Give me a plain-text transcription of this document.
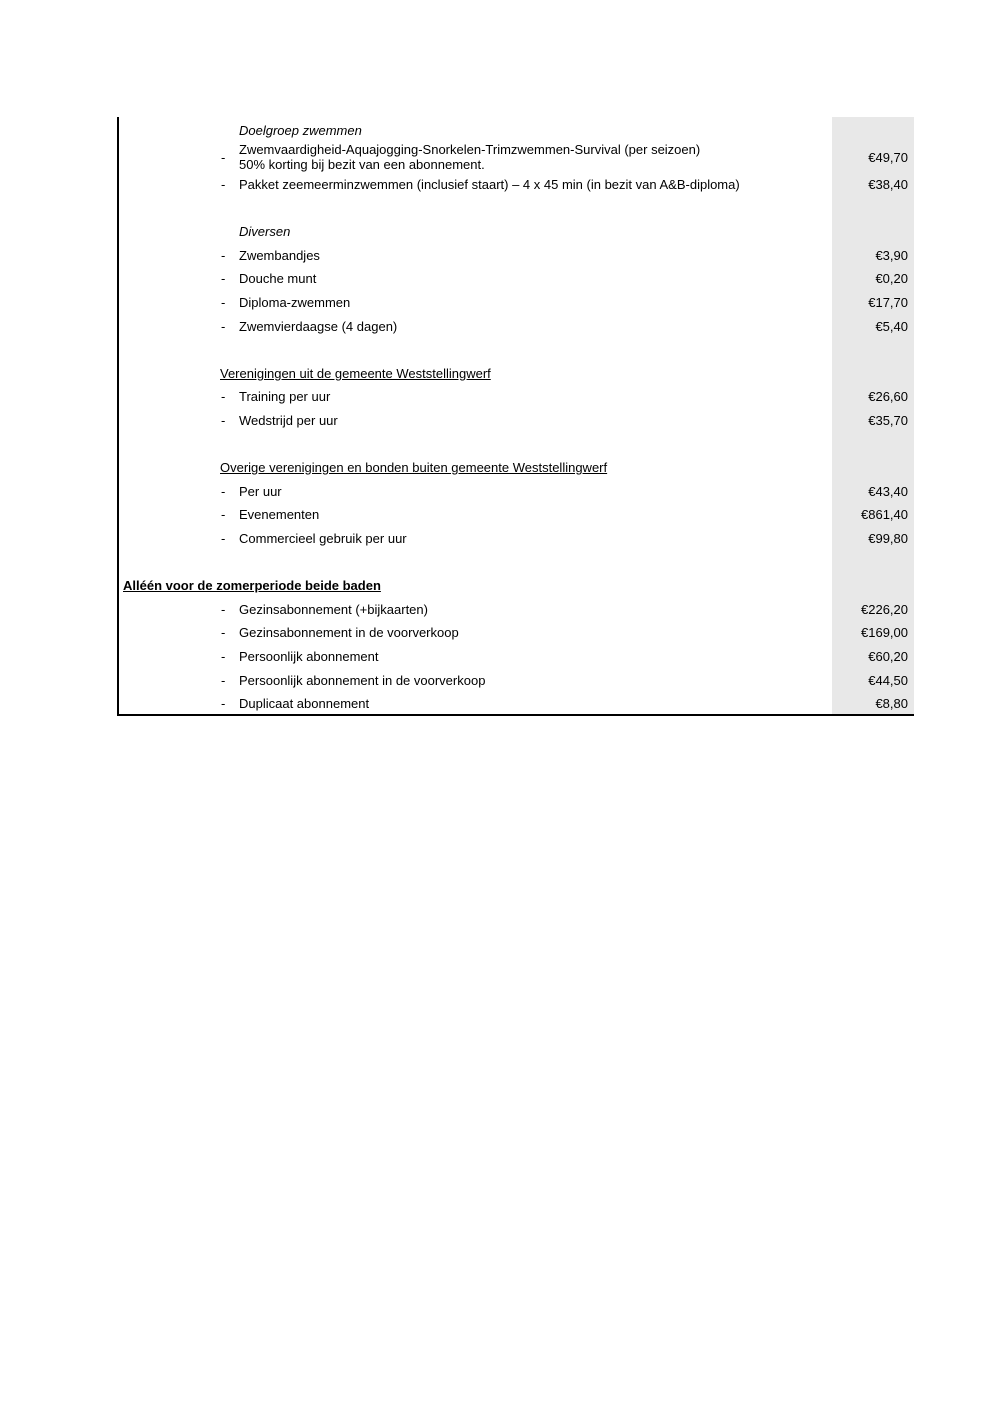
Doelgroep zwemmen
-
Zwemvaardigheid-Aquajogging-Snorkelen-Trimzwemmen-Survival (per seizoen)
50% korting bij bezit van een abonnement.	€49,70
- Pakket zeemeerminzwemmen (inclusief staart) – 4 x 45 min (in bezit van A&B-diploma)	€38,40
Diversen
- Zwembandjes	€3,90
- Douche munt	€0,20
- Diploma-zwemmen	€17,70
- Zwemvierdaagse (4 dagen)	€5,40
Verenigingen uit de gemeente Weststellingwerf
- Training per uur	€26,60
- Wedstrijd per uur	€35,70
Overige verenigingen en bonden buiten gemeente Weststellingwerf
- Per uur	€43,40
- Evenementen	€861,40
- Commercieel gebruik per uur	€99,80
Alléén voor de zomerperiode beide baden
- Gezinsabonnement (+bijkaarten)	€226,20
- Gezinsabonnement in de voorverkoop	€169,00
- Persoonlijk abonnement	€60,20
- Persoonlijk abonnement in de voorverkoop	€44,50
- Duplicaat abonnement	€8,80
